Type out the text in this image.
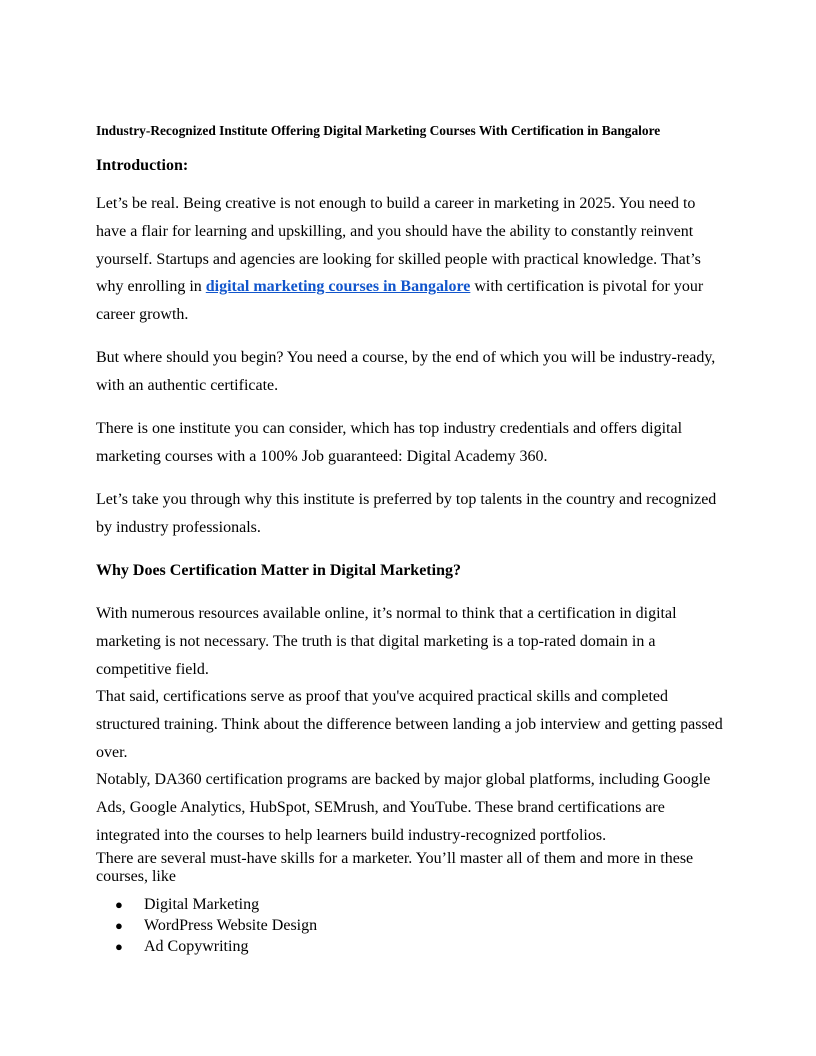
Industry-Recognized Institute Offering Digital Marketing Courses With Certification in Bangalore
Introduction:

Let’s be real. Being creative is not enough to build a career in marketing in 2025. You need to have a flair for learning and upskilling, and you should have the ability to constantly reinvent yourself. Startups and agencies are looking for skilled people with practical knowledge. That’s why enrolling in digital marketing courses in Bangalore with certification is pivotal for your career growth.

But where should you begin? You need a course, by the end of which you will be industry-ready, with an authentic certificate.

There is one institute you can consider, which has top industry credentials and offers digital marketing courses with a 100% Job guaranteed: Digital Academy 360.

Let’s take you through why this institute is preferred by top talents in the country and recognized by industry professionals.

Why Does Certification Matter in Digital Marketing?

With numerous resources available online, it’s normal to think that a certification in digital marketing is not necessary. The truth is that digital marketing is a top-rated domain in a competitive field.

That said, certifications serve as proof that you've acquired practical skills and completed structured training. Think about the difference between landing a job interview and getting passed over.

Notably, DA360 certification programs are backed by major global platforms, including Google Ads, Google Analytics, HubSpot, SEMrush, and YouTube. These brand certifications are integrated into the courses to help learners build industry-recognized portfolios.

There are several must-have skills for a marketer. You’ll master all of them and more in these
courses, like

● Digital Marketing
● WordPress Website Design
● Ad Copywriting
